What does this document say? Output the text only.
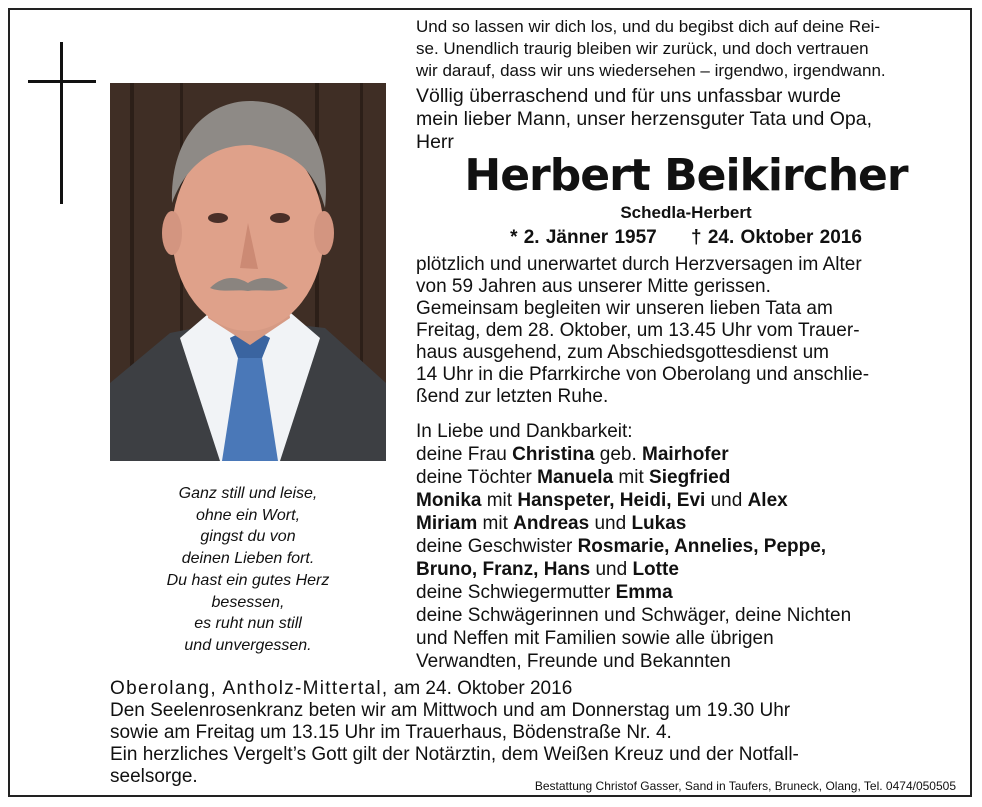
Ganz still und leise,
ohne ein Wort,
gingst du von
deinen Lieben fort.
Du hast ein gutes Herz
besessen,
es ruht nun still
und unvergessen.

Und so lassen wir dich los, und du begibst dich auf deine Rei-

se. Unendlich traurig bleiben wir zurück, und doch vertrauen

wir darauf, dass wir uns wiedersehen – irgendwo, irgendwann.

Völlig überraschend und für uns unfassbar wurde

mein lieber Mann, unser herzensguter Tata und Opa,

Herr

Herbert Beikircher
Schedla-Herbert
* 2. Jänner 1957 † 24. Oktober 2016

plötzlich und unerwartet durch Herzversagen im Alter

von 59 Jahren aus unserer Mitte gerissen.

Gemeinsam begleiten wir unseren lieben Tata am

Freitag, dem 28. Oktober, um 13.45 Uhr vom Trauer-

haus ausgehend, zum Abschiedsgottesdienst um

14 Uhr in die Pfarrkirche von Oberolang und anschlie-

ßend zur letzten Ruhe.

In Liebe und Dankbarkeit:

deine Frau Christina geb. Mairhofer

deine Töchter Manuela mit Siegfried

Monika mit Hanspeter, Heidi, Evi und Alex

Miriam mit Andreas und Lukas

deine Geschwister Rosmarie, Annelies, Peppe,

Bruno, Franz, Hans und Lotte

deine Schwiegermutter Emma

deine Schwägerinnen und Schwäger, deine Nichten

und Neffen mit Familien sowie alle übrigen

Verwandten, Freunde und Bekannten

Oberolang, Antholz-Mittertal, am 24. Oktober 2016

Den Seelenrosenkranz beten wir am Mittwoch und am Donnerstag um 19.30 Uhr

sowie am Freitag um 13.15 Uhr im Trauerhaus, Bödenstraße Nr. 4.

Ein herzliches Vergelt’s Gott gilt der Notärztin, dem Weißen Kreuz und der Notfall-

seelsorge.	Bestattung Christof Gasser, Sand in Taufers, Bruneck, Olang, Tel. 0474/050505
